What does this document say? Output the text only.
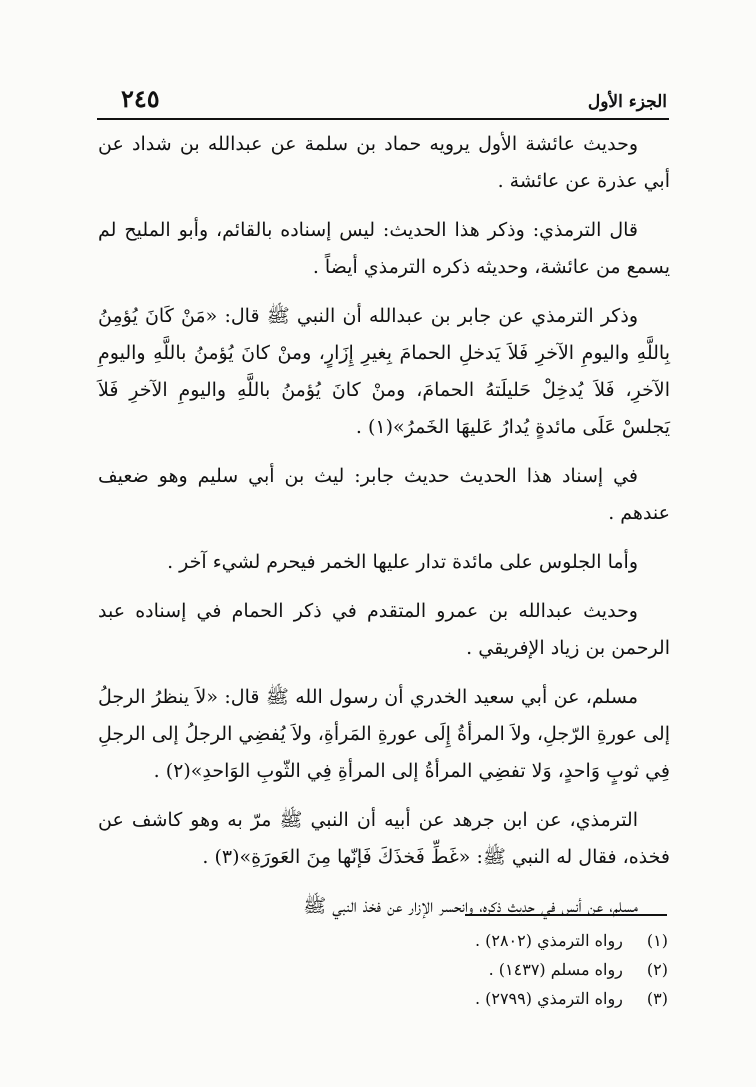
٢٤٥	الجزء الأول

وحديث عائشة الأول يرويه حماد بن سلمة عن عبدالله بن شداد عن أبي عذرة عن عائشة .

قال الترمذي: وذكر هذا الحديث: ليس إسناده بالقائم، وأبو المليح لم يسمع من عائشة، وحديثه ذكره الترمذي أيضاً .

وذكر الترمذي عن جابر بن عبدالله أن النبي ﷺ قال: «مَنْ كَانَ يُؤمِنُ بِاللَّهِ واليومِ الآخرِ فَلاَ يَدخلِ الحمامَ بِغيرِ إِزَارٍ، ومنْ كانَ يُؤمنُ باللَّهِ واليومِ الآخرِ، فَلاَ يُدخِلْ حَليلَتهُ الحمامَ، ومنْ كانَ يُؤمنُ باللَّهِ واليومِ الآخرِ فَلاَ يَجلسْ عَلَى مائدةٍ يُدارُ عَليهَا الخَمرُ»(١) .

في إسناد هذا الحديث حديث جابر: ليث بن أبي سليم وهو ضعيف عندهم .

وأما الجلوس على مائدة تدار عليها الخمر فيحرم لشيء آخر .

وحديث عبدالله بن عمرو المتقدم في ذكر الحمام في إسناده عبد الرحمن بن زياد الإفريقي .

مسلم، عن أبي سعيد الخدري أن رسول الله ﷺ قال: «لاَ ينظرُ الرجلُ إلى عورةِ الرّجلِ، ولاَ المرأةُ إِلَى عورةِ المَرأةِ، ولاَ يُفضِي الرجلُ إلى الرجلِ فِي ثوبٍ وَاحدٍ، وَلا تفضِي المرأةُ إلى المرأةِ فِي الثّوبِ الوَاحدِ»(٢) .

الترمذي، عن ابن جرهد عن أبيه أن النبي ﷺ مرّ به وهو كاشف عن فخذه، فقال له النبي ﷺ: «غَطِّ فَخذَكَ فَإنّها مِنَ العَورَةِ»(٣) .

مسلم، عن أنس في حديث ذكره، وانحسر الإزار عن فخذ النبي ﷺ

(١) رواه الترمذي (٢٨٠٢) .
(٢) رواه مسلم (١٤٣٧) .
(٣) رواه الترمذي (٢٧٩٩) .
